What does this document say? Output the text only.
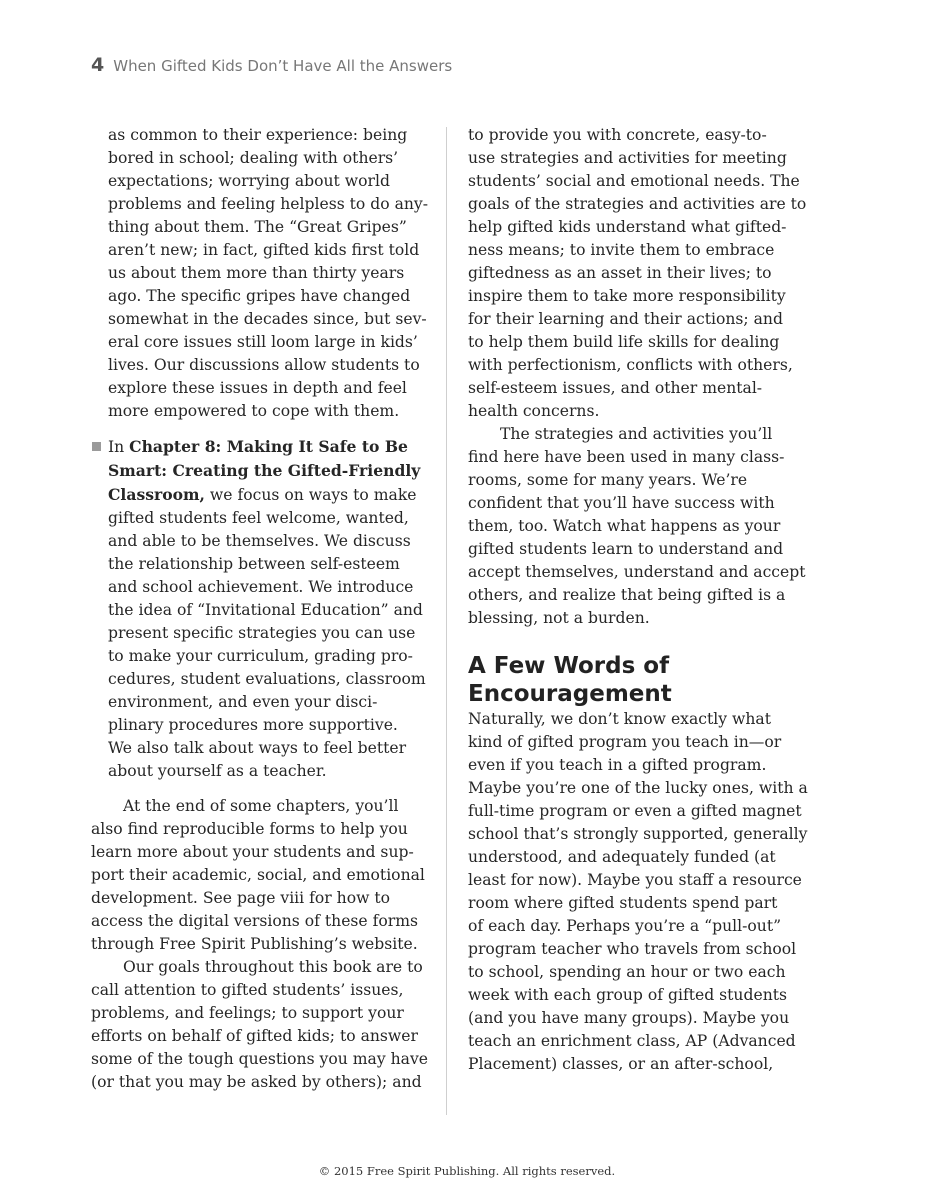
4 When Gifted Kids Don’t Have All the Answers
as common to their experience: being
bored in school; dealing with others’
expectations; worrying about world
problems and feeling helpless to do any-
thing about them. The “Great Gripes”
aren’t new; in fact, gifted kids first told
us about them more than thirty years
ago. The specific gripes have changed
somewhat in the decades since, but sev-
eral core issues still loom large in kids’
lives. Our discussions allow students to
explore these issues in depth and feel
more empowered to cope with them.
In Chapter 8: Making It Safe to Be
Smart: Creating the Gifted-Friendly
Classroom, we focus on ways to make
gifted students feel welcome, wanted,
and able to be themselves. We discuss
the relationship between self-esteem
and school achievement. We introduce
the idea of “Invitational Education” and
present specific strategies you can use
to make your curriculum, grading pro-
cedures, student evaluations, classroom
environment, and even your disci-
plinary procedures more supportive.
We also talk about ways to feel better
about yourself as a teacher.
At the end of some chapters, you’ll
also find reproducible forms to help you
learn more about your students and sup-
port their academic, social, and emotional
development. See page viii for how to
access the digital versions of these forms
through Free Spirit Publishing’s website.
Our goals throughout this book are to
call attention to gifted students’ issues,
problems, and feelings; to support your
efforts on behalf of gifted kids; to answer
some of the tough questions you may have
(or that you may be asked by others); and
to provide you with concrete, easy-to-
use strategies and activities for meeting
students’ social and emotional needs. The
goals of the strategies and activities are to
help gifted kids understand what gifted-
ness means; to invite them to embrace
giftedness as an asset in their lives; to
inspire them to take more responsibility
for their learning and their actions; and
to help them build life skills for dealing
with perfectionism, conflicts with others,
self-esteem issues, and other mental-
health concerns.
The strategies and activities you’ll
find here have been used in many class-
rooms, some for many years. We’re
confident that you’ll have success with
them, too. Watch what happens as your
gifted students learn to understand and
accept themselves, understand and accept
others, and realize that being gifted is a
blessing, not a burden.
A Few Words of
Encouragement
Naturally, we don’t know exactly what
kind of gifted program you teach in—or
even if you teach in a gifted program.
Maybe you’re one of the lucky ones, with a
full-time program or even a gifted magnet
school that’s strongly supported, generally
understood, and adequately funded (at
least for now). Maybe you staff a resource
room where gifted students spend part
of each day. Perhaps you’re a “pull-out”
program teacher who travels from school
to school, spending an hour or two each
week with each group of gifted students
(and you have many groups). Maybe you
teach an enrichment class, AP (Advanced
Placement) classes, or an after-school,
© 2015 Free Spirit Publishing. All rights reserved.
